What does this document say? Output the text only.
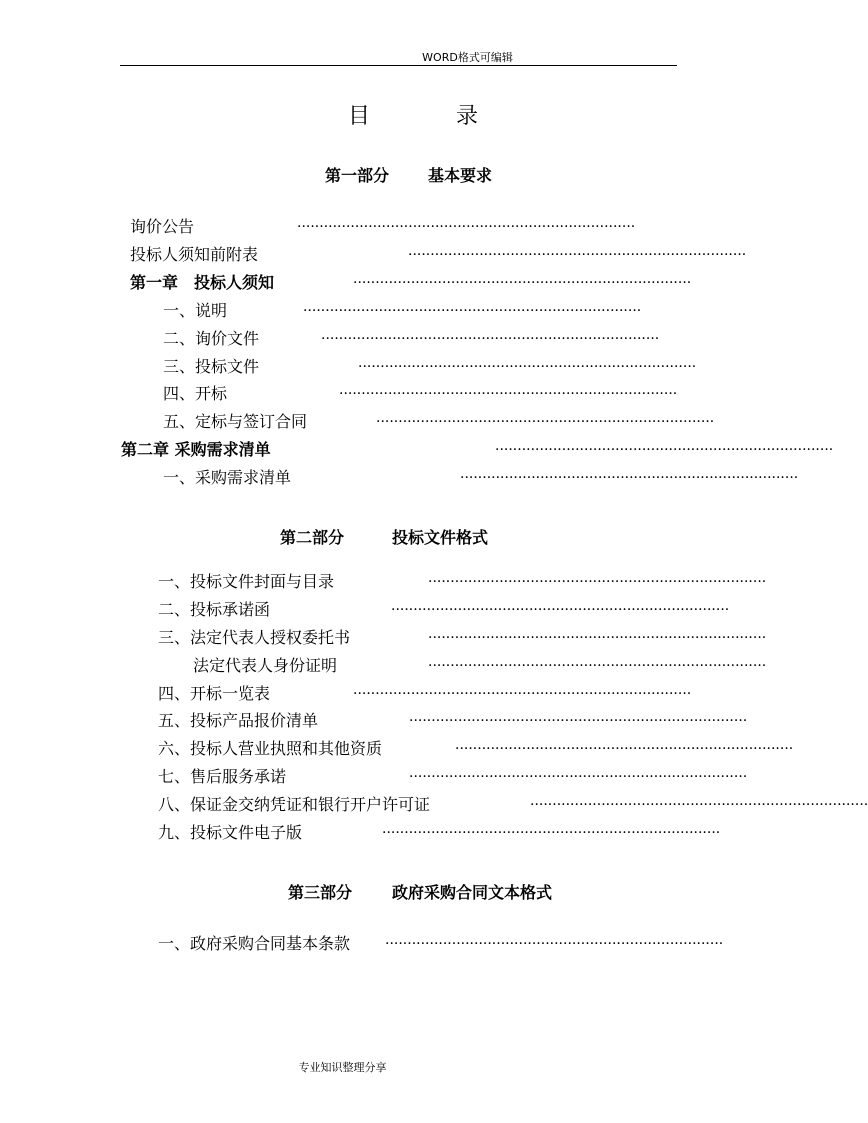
WORD格式可编辑
目	录
第一部分 基本要求
询价公告	············································································
投标人须知前附表	············································································
第一章　投标人须知	············································································
一、说明	············································································
二、询价文件	············································································
三、投标文件	············································································
四、开标	············································································
五、定标与签订合同	············································································
第二章 采购需求清单	············································································
一、采购需求清单	············································································
第二部分	投标文件格式
一、投标文件封面与目录	············································································
二、投标承诺函	············································································
三、法定代表人授权委托书	············································································
法定代表人身份证明	············································································
四、开标一览表	············································································
五、投标产品报价清单	············································································
六、投标人营业执照和其他资质	············································································
七、售后服务承诺	············································································
八、保证金交纳凭证和银行开户许可证	············································································
九、投标文件电子版	············································································
第三部分 政府采购合同文本格式
一、政府采购合同基本条款 ············································································
专业知识整理分享
